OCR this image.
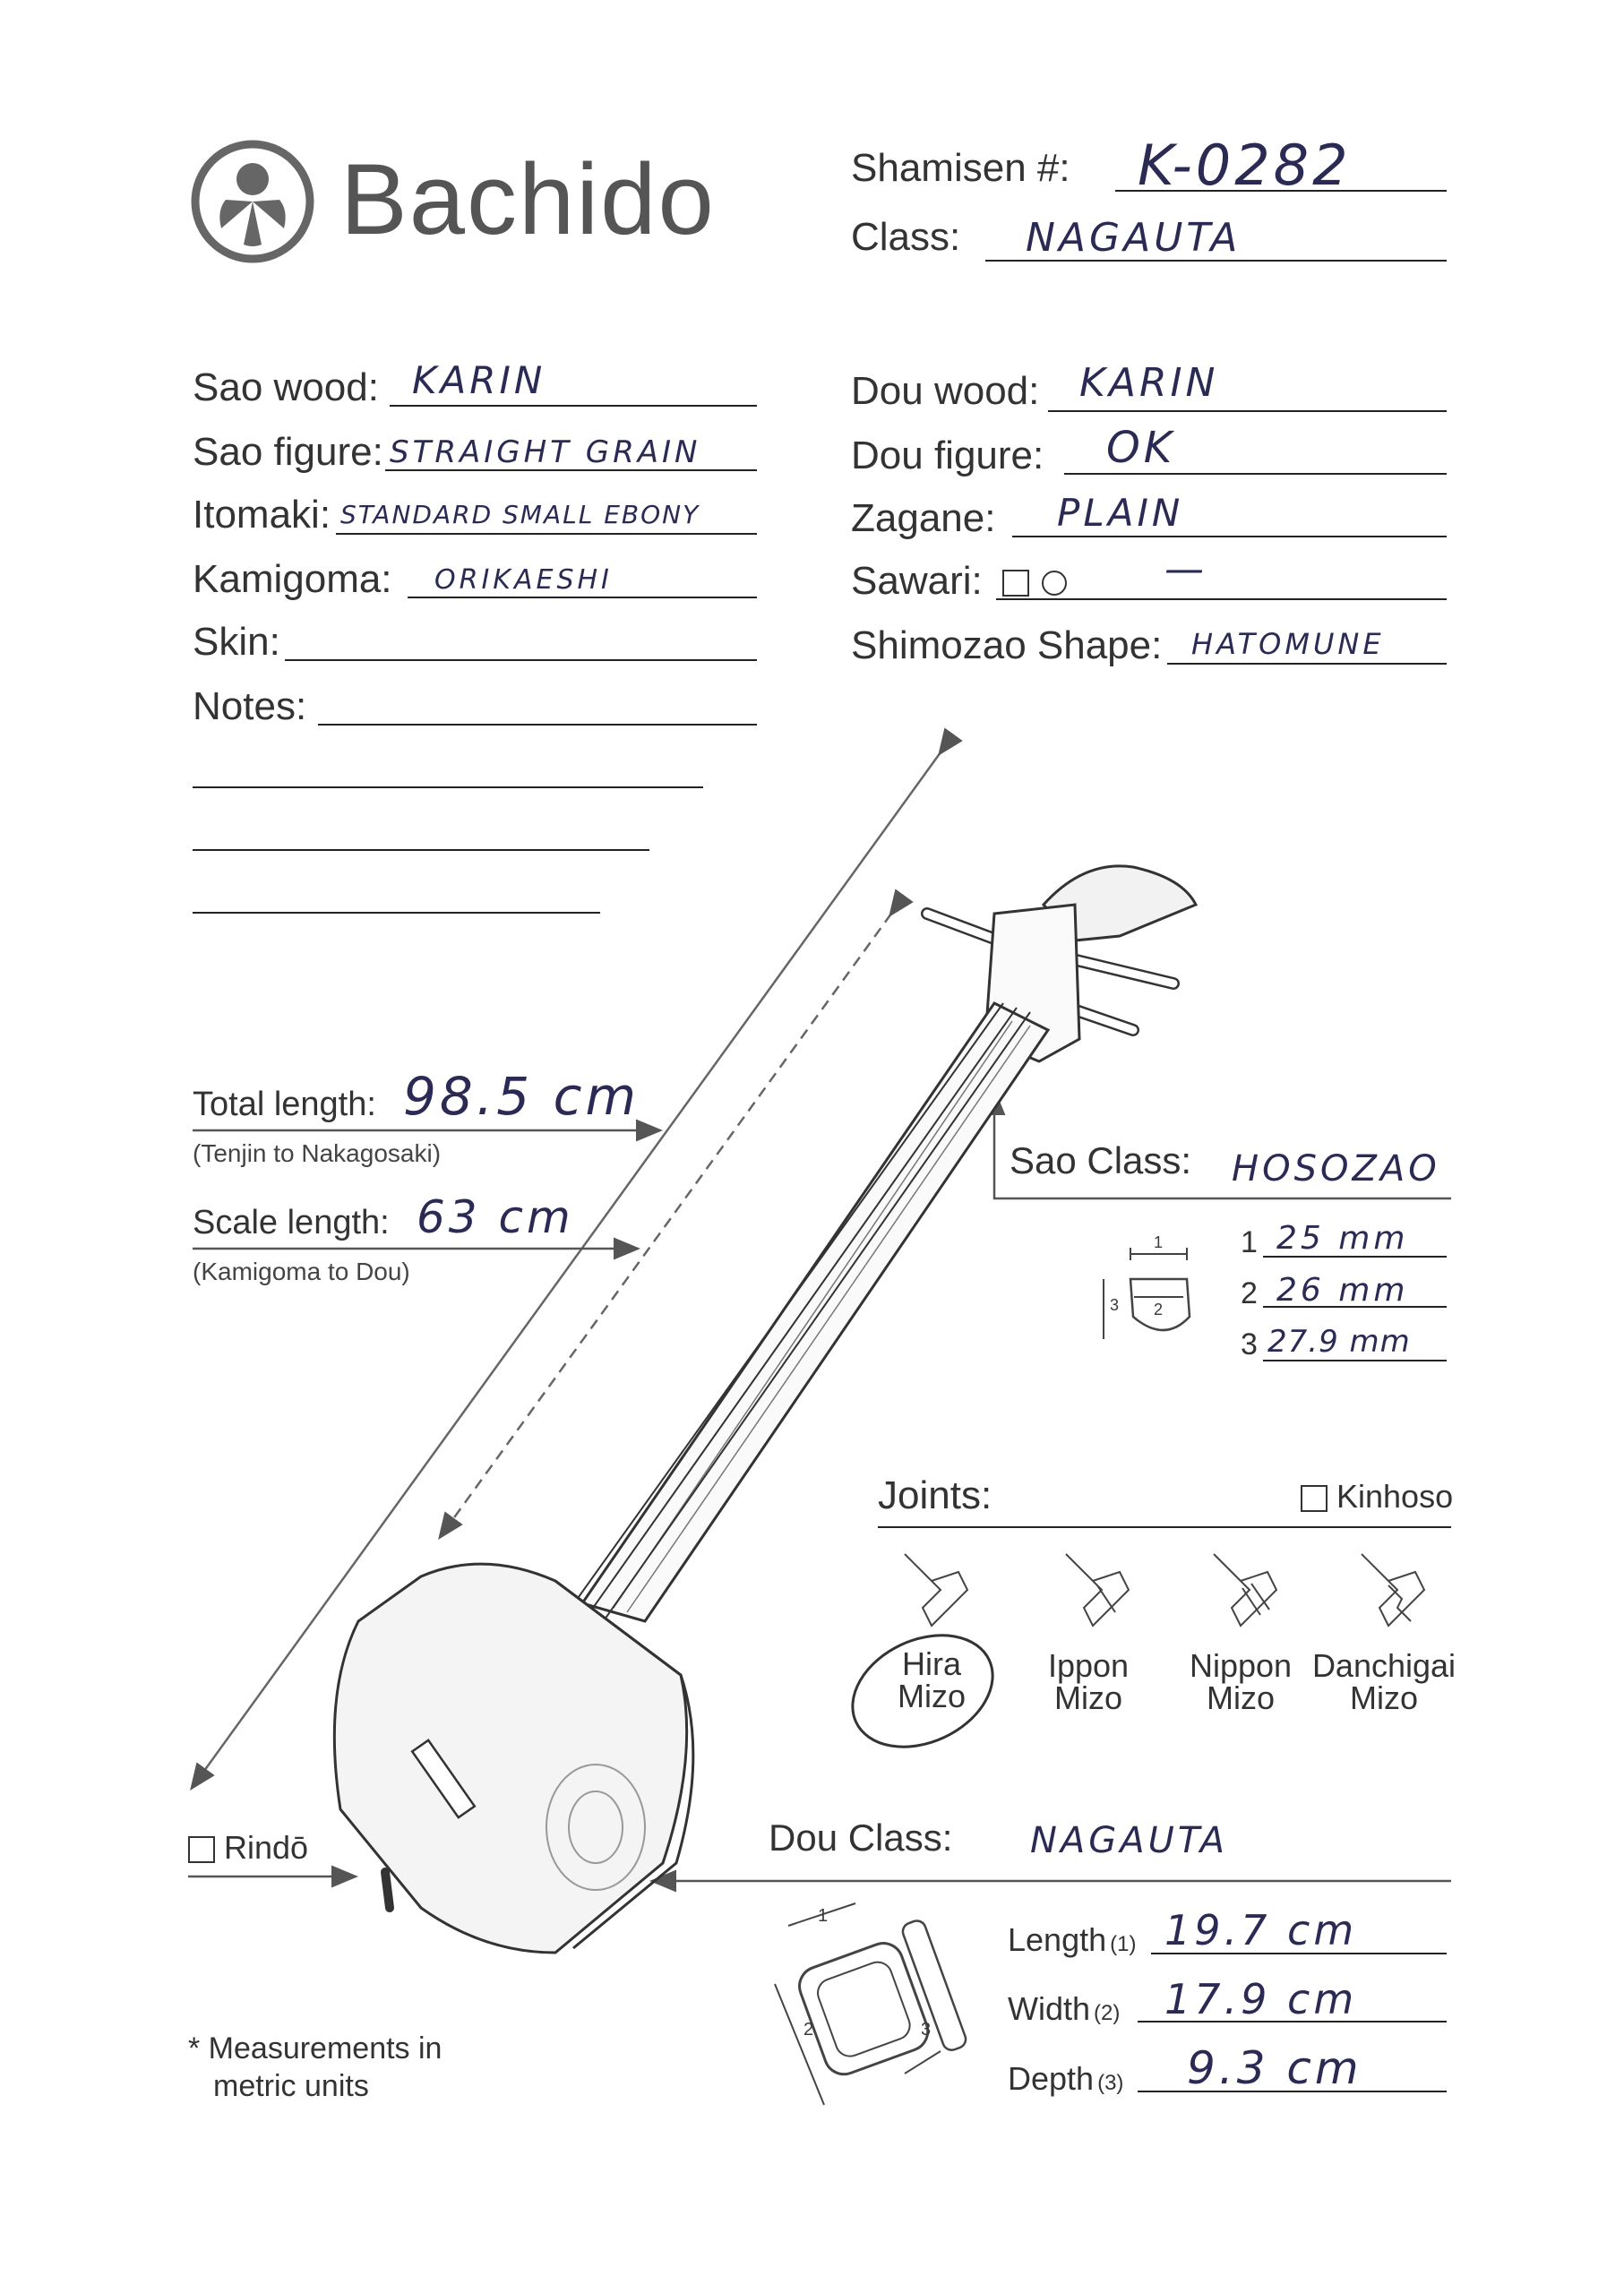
Bachido	Shamisen #: K-0282
Class: NAGAUTA
Sao wood: KARIN
Sao figure: STRAIGHT GRAIN
Itomaki: STANDARD SMALL EBONY
Kamigoma: ORIKAESHI
Skin:
Notes:
Dou wood: KARIN
Dou figure: OK
Zagane: PLAIN
Sawari:	—
Shimozao Shape: HATOMUNE
Total length: 98.5 cm
(Tenjin to Nakagosaki)
Scale length: 63 cm
(Kamigoma to Dou)
Sao Class: HOSOZAO
1
2
3
1 25 mm
2 26 mm
3 27.9 mm
Joints:	Kinhoso
Hira
Mizo
Ippon
Mizo
Nippon
Mizo
Danchigai
Mizo
Rindō	Dou Class: NAGAUTA
1
2	3
Length (1) 19.7 cm
Width (2) 17.9 cm
Depth (3) 9.3 cm
* Measurements in
metric units
